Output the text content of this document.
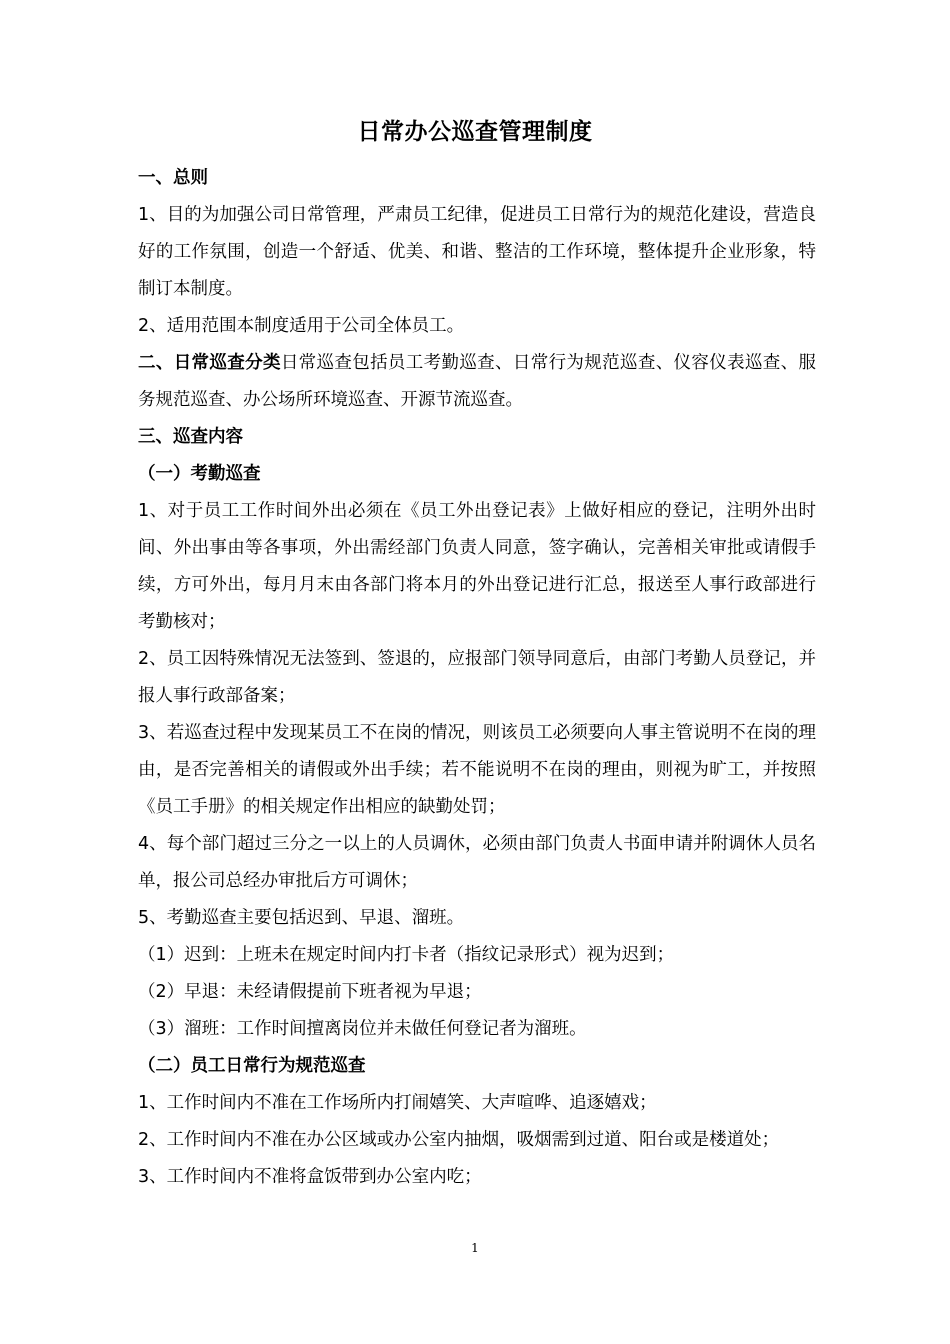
日常办公巡查管理制度

一、总则

1、目的为加强公司日常管理，严肃员工纪律，促进员工日常行为的规范化建设，营造良好的工作氛围，创造一个舒适、优美、和谐、整洁的工作环境，整体提升企业形象，特制订本制度。

2、适用范围本制度适用于公司全体员工。

二、日常巡查分类日常巡查包括员工考勤巡查、日常行为规范巡查、仪容仪表巡查、服务规范巡查、办公场所环境巡查、开源节流巡查。

三、巡查内容

（一）考勤巡查

1、对于员工工作时间外出必须在《员工外出登记表》上做好相应的登记，注明外出时间、外出事由等各事项，外出需经部门负责人同意，签字确认，完善相关审批或请假手续，方可外出，每月月末由各部门将本月的外出登记进行汇总，报送至人事行政部进行考勤核对；

2、员工因特殊情况无法签到、签退的，应报部门领导同意后，由部门考勤人员登记，并报人事行政部备案；

3、若巡查过程中发现某员工不在岗的情况，则该员工必须要向人事主管说明不在岗的理由，是否完善相关的请假或外出手续；若不能说明不在岗的理由，则视为旷工，并按照《员工手册》的相关规定作出相应的缺勤处罚；

4、每个部门超过三分之一以上的人员调休，必须由部门负责人书面申请并附调休人员名单，报公司总经办审批后方可调休；

5、考勤巡查主要包括迟到、早退、溜班。

（1）迟到：上班未在规定时间内打卡者（指纹记录形式）视为迟到；

（2）早退：未经请假提前下班者视为早退；

（3）溜班：工作时间擅离岗位并未做任何登记者为溜班。

（二）员工日常行为规范巡查

1、工作时间内不准在工作场所内打闹嬉笑、大声喧哗、追逐嬉戏；

2、工作时间内不准在办公区域或办公室内抽烟，吸烟需到过道、阳台或是楼道处；

3、工作时间内不准将盒饭带到办公室内吃；

1
